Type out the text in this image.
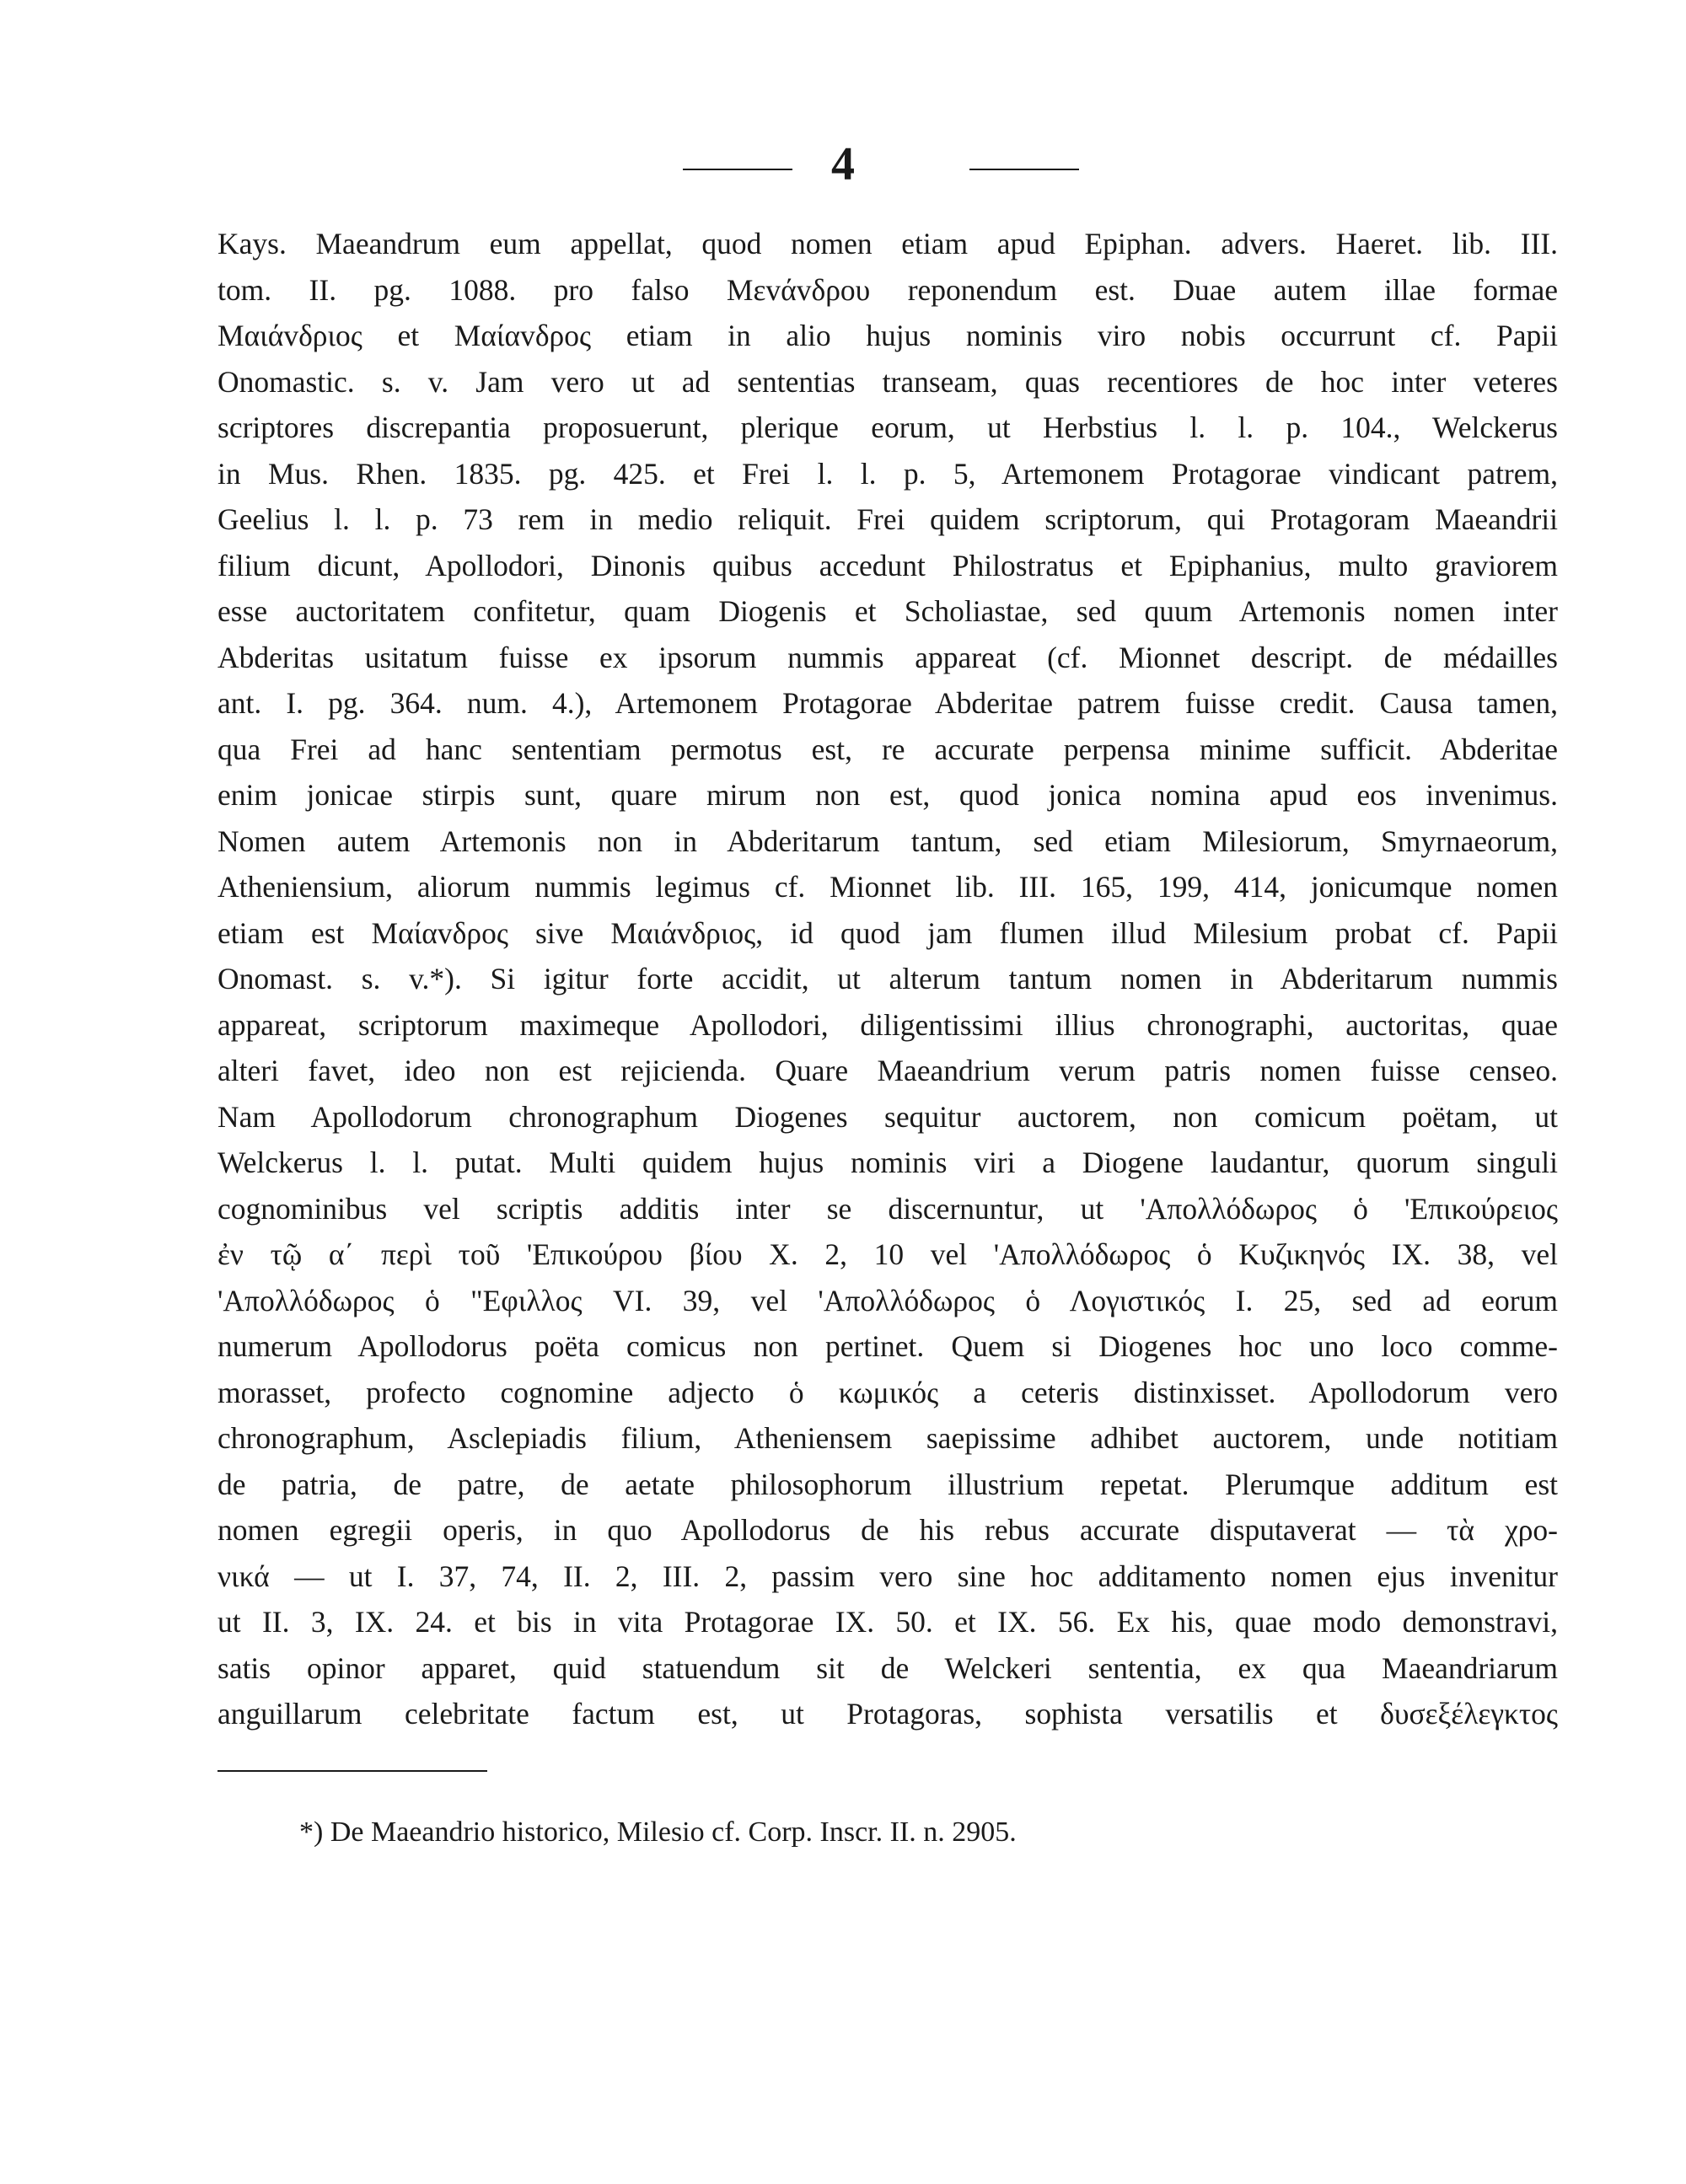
4
Kays. Maeandrum eum appellat, quod nomen etiam apud Epiphan. advers. Haeret. lib. III.
tom. II. pg. 1088. pro falso Μεvάvδρου reponendum est. Duae autem illae formae
Μαιάvδριος et Μαίαvδρος etiam in alio hujus nominis viro nobis occurrunt cf. Papii
Onomastic. s. v. Jam vero ut ad sententias transeam, quas recentiores de hoc inter veteres
scriptores discrepantia proposuerunt, plerique eorum, ut Herbstius l. l. p. 104., Welckerus
in Mus. Rhen. 1835. pg. 425. et Frei l. l. p. 5, Artemonem Protagorae vindicant patrem,
Geelius l. l. p. 73 rem in medio reliquit. Frei quidem scriptorum, qui Protagoram Maeandrii
filium dicunt, Apollodori, Dinonis quibus accedunt Philostratus et Epiphanius, multo graviorem
esse auctoritatem confitetur, quam Diogenis et Scholiastae, sed quum Artemonis nomen inter
Abderitas usitatum fuisse ex ipsorum nummis appareat (cf. Mionnet descript. de médailles
ant. I. pg. 364. num. 4.), Artemonem Protagorae Abderitae patrem fuisse credit. Causa tamen,
qua Frei ad hanc sententiam permotus est, re accurate perpensa minime sufficit. Abderitae
enim jonicae stirpis sunt, quare mirum non est, quod jonica nomina apud eos invenimus.
Nomen autem Artemonis non in Abderitarum tantum, sed etiam Milesiorum, Smyrnaeorum,
Atheniensium, aliorum nummis legimus cf. Mionnet lib. III. 165, 199, 414, jonicumque nomen
etiam est Μαίαvδρος sive Μαιάvδριος, id quod jam flumen illud Milesium probat cf. Papii
Onomast. s. v.*). Si igitur forte accidit, ut alterum tantum nomen in Abderitarum nummis
appareat, scriptorum maximeque Apollodori, diligentissimi illius chronographi, auctoritas, quae
alteri favet, ideo non est rejicienda. Quare Maeandrium verum patris nomen fuisse censeo.
Nam Apollodorum chronographum Diogenes sequitur auctorem, non comicum poëtam, ut
Welckerus l. l. putat. Multi quidem hujus nominis viri a Diogene laudantur, quorum singuli
cognominibus vel scriptis additis inter se discernuntur, ut 'Απολλόδωρος ὁ 'Επικούρειος
ἐν τῷ α΄ περὶ τοῦ 'Επικούρου βίου X. 2, 10 vel 'Απολλόδωρος ὁ Κυζικηνός IX. 38, vel
'Απολλόδωρος ὁ "Εφιλλος VI. 39, vel 'Απολλόδωρος ὁ Λογιστικός I. 25, sed ad eorum
numerum Apollodorus poëta comicus non pertinet. Quem si Diogenes hoc uno loco comme-
morasset, profecto cognomine adjecto ὁ κωμικός a ceteris distinxisset. Apollodorum vero
chronographum, Asclepiadis filium, Atheniensem saepissime adhibet auctorem, unde notitiam
de patria, de patre, de aetate philosophorum illustrium repetat. Plerumque additum est
nomen egregii operis, in quo Apollodorus de his rebus accurate disputaverat — τὰ χρο-
νικά — ut I. 37, 74, II. 2, III. 2, passim vero sine hoc additamento nomen ejus invenitur
ut II. 3, IX. 24. et bis in vita Protagorae IX. 50. et IX. 56. Ex his, quae modo demonstravi,
satis opinor apparet, quid statuendum sit de Welckeri sententia, ex qua Maeandriarum
anguillarum celebritate factum est, ut Protagoras, sophista versatilis et δυσεξέλεγκτος
*) De Maeandrio historico, Milesio cf. Corp. Inscr. II. n. 2905.
